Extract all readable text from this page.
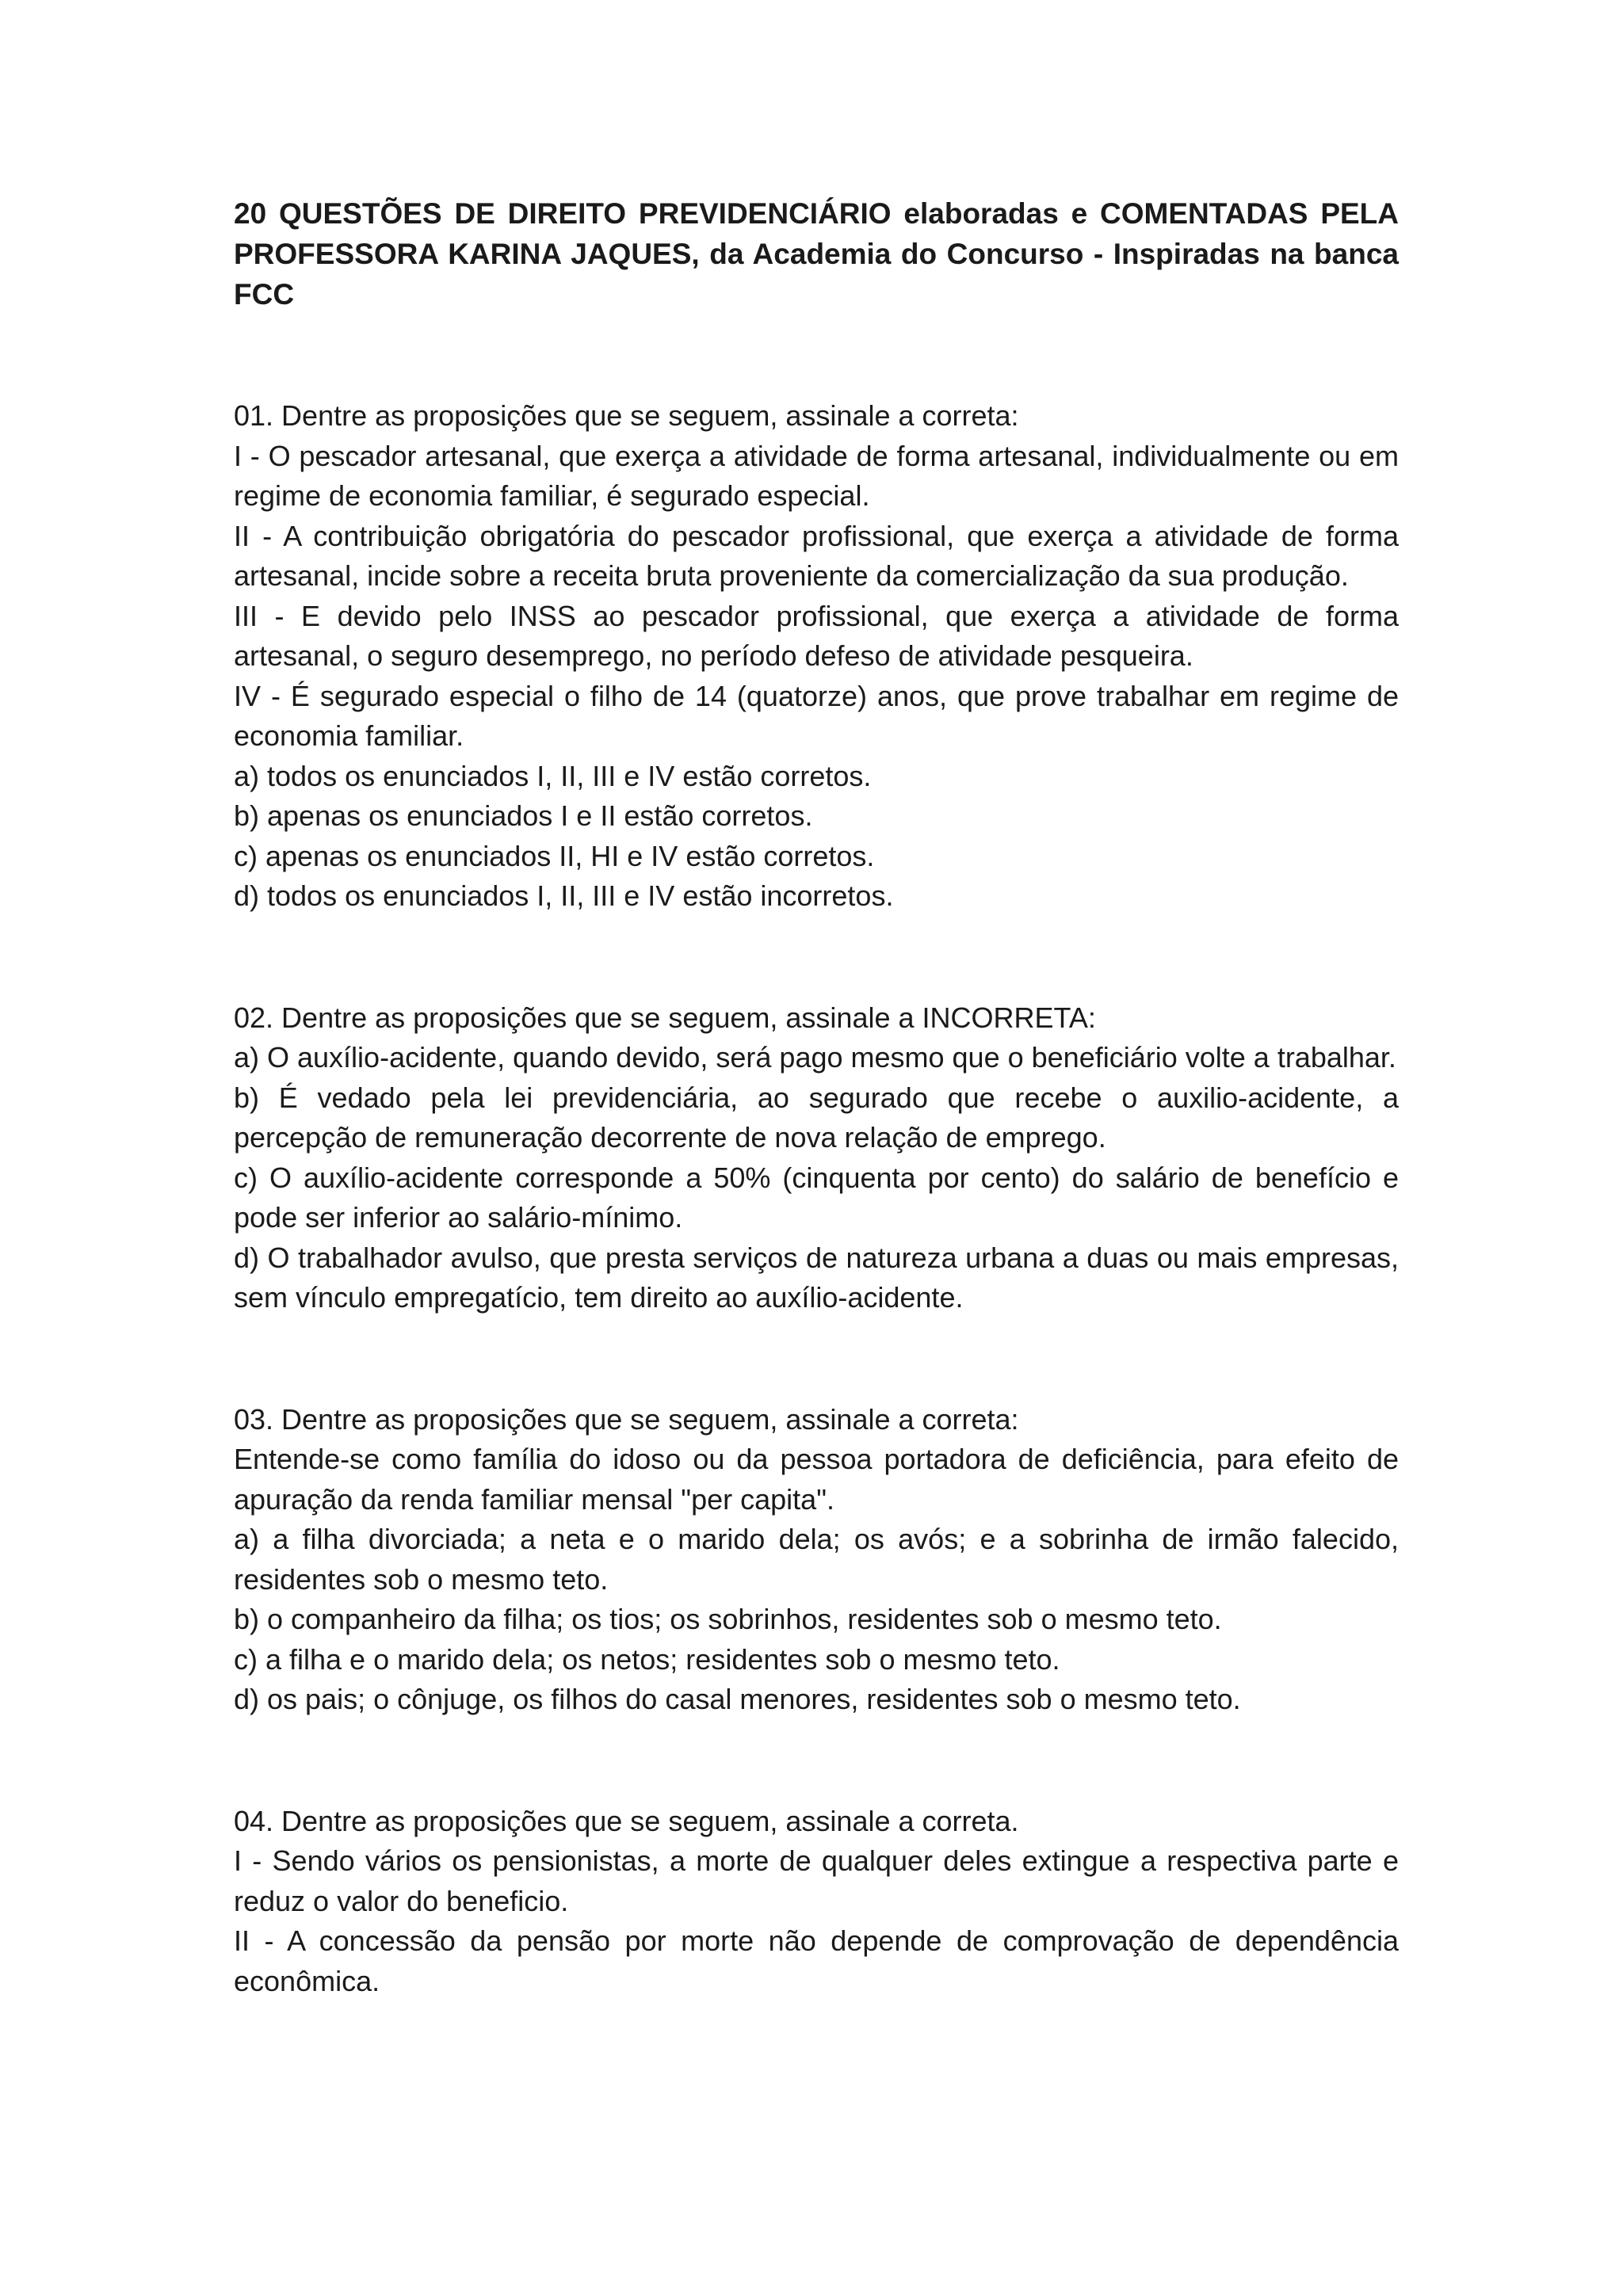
20 QUESTÕES DE DIREITO PREVIDENCIÁRIO elaboradas e COMENTADAS PELA PROFESSORA KARINA JAQUES, da Academia do Concurso - Inspiradas na banca FCC

01. Dentre as proposições que se seguem, assinale a correta:

I - O pescador artesanal, que exerça a atividade de forma artesanal, individualmente ou em regime de economia familiar, é segurado especial.

II - A contribuição obrigatória do pescador profissional, que exerça a atividade de forma artesanal, incide sobre a receita bruta proveniente da comercialização da sua produção.

III - E devido pelo INSS ao pescador profissional, que exerça a atividade de forma artesanal, o seguro desemprego, no período defeso de atividade pesqueira.

IV - É segurado especial o filho de 14 (quatorze) anos, que prove trabalhar em regime de economia familiar.

a) todos os enunciados I, II, III e IV estão corretos.

b) apenas os enunciados I e II estão corretos.

c) apenas os enunciados II, HI e IV estão corretos.

d) todos os enunciados I, II, III e IV estão incorretos.

02. Dentre as proposições que se seguem, assinale a INCORRETA:

a) O auxílio-acidente, quando devido, será pago mesmo que o beneficiário volte a trabalhar.

b) É vedado pela lei previdenciária, ao segurado que recebe o auxilio-acidente, a percepção de remuneração decorrente de nova relação de emprego.

c) O auxílio-acidente corresponde a 50% (cinquenta por cento) do salário de benefício e pode ser inferior ao salário-mínimo.

d) O trabalhador avulso, que presta serviços de natureza urbana a duas ou mais empresas, sem vínculo empregatício, tem direito ao auxílio-acidente.

03. Dentre as proposições que se seguem, assinale a correta:

Entende-se como família do idoso ou da pessoa portadora de deficiência, para efeito de apuração da renda familiar mensal "per capita".

a) a filha divorciada; a neta e o marido dela; os avós; e a sobrinha de irmão falecido, residentes sob o mesmo teto.

b) o companheiro da filha; os tios; os sobrinhos, residentes sob o mesmo teto.

c) a filha e o marido dela; os netos; residentes sob o mesmo teto.

d) os pais; o cônjuge, os filhos do casal menores, residentes sob o mesmo teto.

04. Dentre as proposições que se seguem, assinale a correta.

I - Sendo vários os pensionistas, a morte de qualquer deles extingue a respectiva parte e reduz o valor do beneficio.

II - A concessão da pensão por morte não depende de comprovação de dependência econômica.
